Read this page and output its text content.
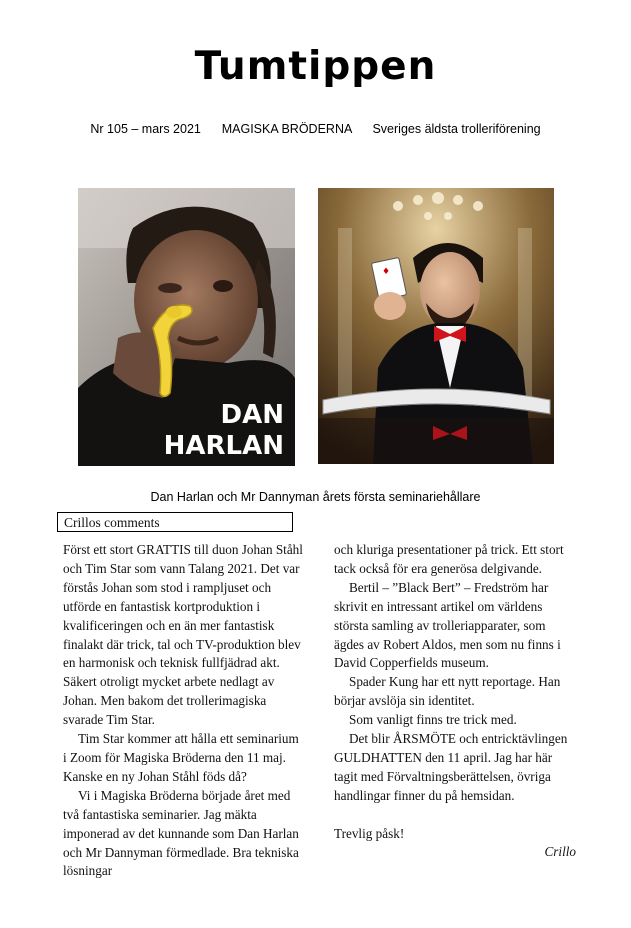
Tumtippen
Nr 105 – mars 2021 MAGISKA BRÖDERNA Sveriges äldsta trolleriförening
DAN
HARLAN
♦
Dan Harlan och Mr Dannyman årets första seminariehållare
Crillos comments

Först ett stort GRATTIS till duon Johan Ståhl och Tim Star som vann Talang 2021. Det var förstås Johan som stod i rampljuset och utförde en fantastisk kortproduktion i kvalificeringen och en än mer fantastisk finalakt där trick, tal och TV-produktion blev en harmonisk och teknisk fullfjädrad akt. Säkert otroligt mycket arbete nedlagt av Johan. Men bakom det trollerimagiska svarade Tim Star.

Tim Star kommer att hålla ett seminarium i Zoom för Magiska Bröderna den 11 maj. Kanske en ny Johan Ståhl föds då?

Vi i Magiska Bröderna började året med två fantastiska seminarier. Jag mäkta imponerad av det kunnande som Dan Harlan och Mr Dannyman förmedlade. Bra tekniska lösningar

och kluriga presentationer på trick. Ett stort tack också för era generösa delgivande.

Bertil – ”Black Bert” – Fredström har skrivit en intressant artikel om världens största samling av trolleriapparater, som ägdes av Robert Aldos, men som nu finns i David Copperfields museum.

Spader Kung har ett nytt reportage. Han börjar avslöja sin identitet.

Som vanligt finns tre trick med.

Det blir ÅRSMÖTE och entricktävlingen GULDHATTEN den 11 april. Jag har här tagit med Förvaltningsberättelsen, övriga handlingar finner du på hemsidan.

Trevlig påsk!

Crillo
